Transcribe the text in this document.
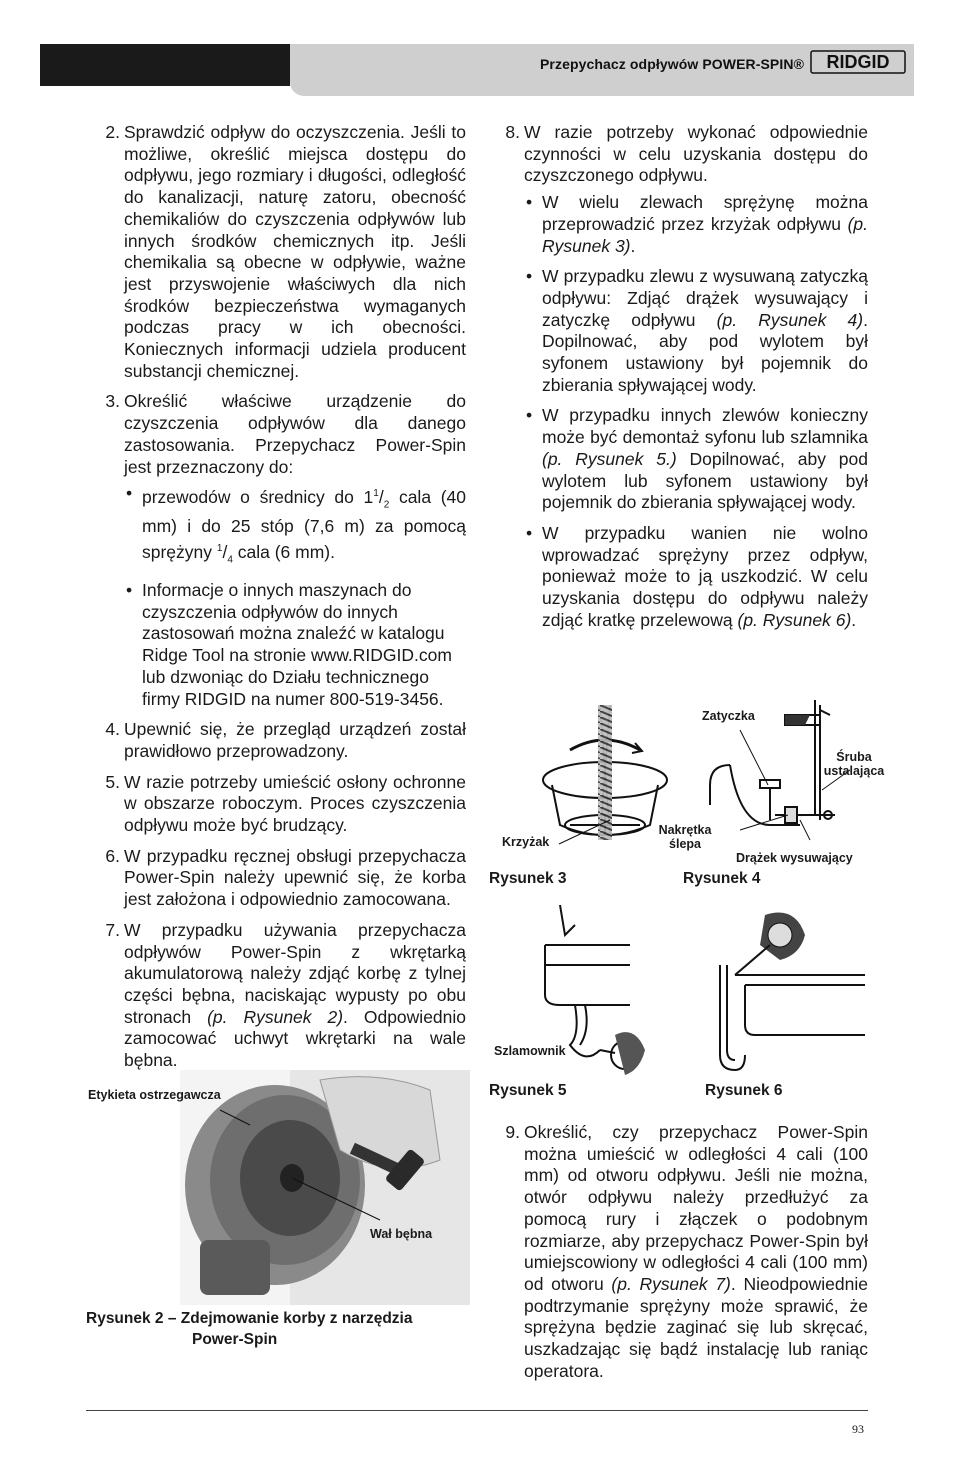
Przepychacz odpływów POWER-SPIN® RIDGID
2. Sprawdzić odpływ do oczyszczenia. Jeśli to możliwe, określić miejsca dostępu do odpływu, jego rozmiary i długości, odległość do kanalizacji, naturę zatoru, obecność chemikaliów do czyszczenia odpływów lub innych środków chemicznych itp. Jeśli chemikalia są obecne w odpływie, ważne jest przyswojenie właściwych dla nich środków bezpieczeństwa wymaganych podczas pracy w ich obecności. Koniecznych informacji udziela producent substancji chemicznej.
3. Określić właściwe urządzenie do czyszczenia odpływów dla danego zastosowania. Przepychacz Power-Spin jest przeznaczony do:
• przewodów o średnicy do $1^1/_2$ cala (40 mm) i do 25 stóp (7,6 m) za pomocą sprężyny $^1/_4$ cala (6 mm).
• Informacje o innych maszynach do czyszczenia odpływów do innych zastosowań można znaleźć w katalogu Ridge Tool na stronie www.RIDGID.com lub dzwoniąc do Działu technicznego firmy RIDGID na numer 800-519-3456.
4. Upewnić się, że przegląd urządzeń został prawidłowo przeprowadzony.
5. W razie potrzeby umieścić osłony ochronne w obszarze roboczym. Proces czyszczenia odpływu może być brudzący.
6. W przypadku ręcznej obsługi przepychacza Power-Spin należy upewnić się, że korba jest założona i odpowiednio zamocowana.
7. W przypadku używania przepychacza odpływów Power-Spin z wkrętarką akumulatorową należy zdjąć korbę z tylnej części bębna, naciskając wypusty po obu stronach (p. Rysunek 2). Odpowiednio zamocować uchwyt wkrętarki na wale bębna.
Etykieta ostrzegawcza
Wał bębna
Rysunek 2 – Zdejmowanie korby z narzędzia
Power-Spin
8. W razie potrzeby wykonać odpowiednie czynności w celu uzyskania dostępu do czyszczonego odpływu.
• W wielu zlewach sprężynę można przeprowadzić przez krzyżak odpływu (p. Rysunek 3).
• W przypadku zlewu z wysuwaną zatyczką odpływu: Zdjąć drążek wysuwający i zatyczkę odpływu (p. Rysunek 4). Dopilnować, aby pod wylotem był syfonem ustawiony był pojemnik do zbierania spływającej wody.
• W przypadku innych zlewów konieczny może być demontaż syfonu lub szlamnika (p. Rysunek 5.) Dopilnować, aby pod wylotem lub syfonem ustawiony był pojemnik do zbierania spływającej wody.
• W przypadku wanien nie wolno wprowadzać sprężyny przez odpływ, ponieważ może to ją uszkodzić. W celu uzyskania dostępu do odpływu należy zdjąć kratkę przelewową (p. Rysunek 6).
Krzyżak
Rysunek 3
Zatyczka
Śruba ustalająca
Nakrętka ślepa
Drążek wysuwający
Rysunek 4
Szlamownik
Rysunek 5	Rysunek 6
9. Określić, czy przepychacz Power-Spin można umieścić w odległości 4 cali (100 mm) od otworu odpływu. Jeśli nie można, otwór odpływu należy przedłużyć za pomocą rury i złączek o podobnym rozmiarze, aby przepychacz Power-Spin był umiejscowiony w odległości 4 cali (100 mm) od otworu (p. Rysunek 7). Nieodpowiednie podtrzymanie sprężyny może sprawić, że sprężyna będzie zaginać się lub skręcać, uszkadzając się bądź instalację lub raniąc operatora.
93
